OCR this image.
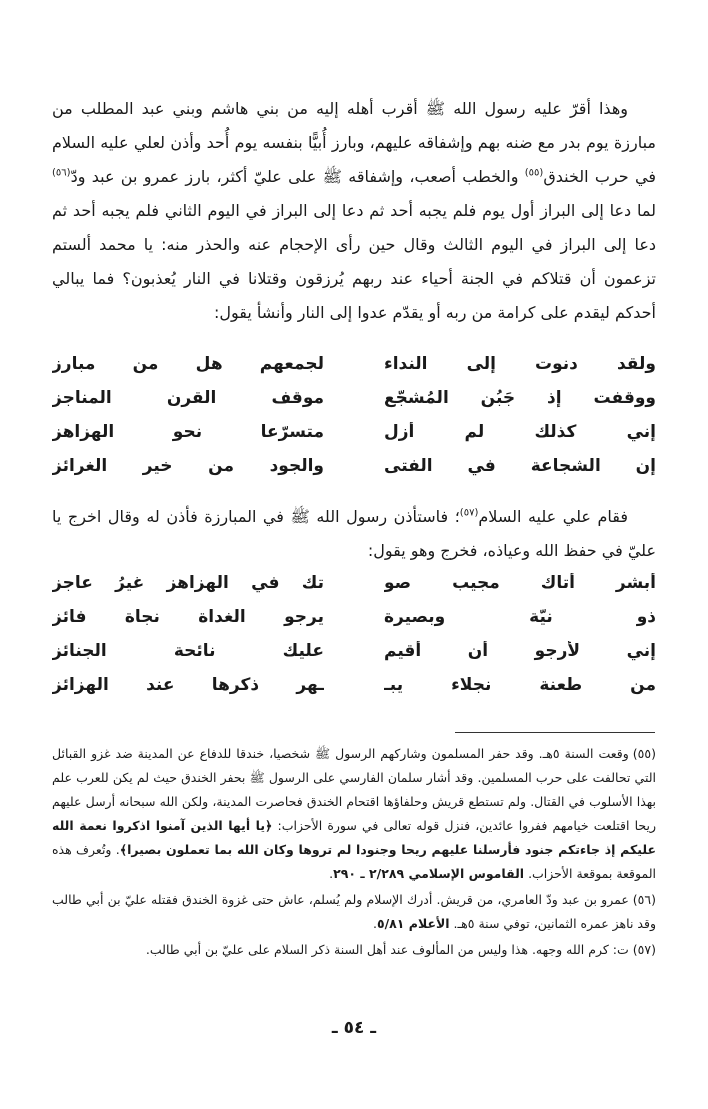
وهذا أقرّ عليه رسول الله ﷺ أقرب أهله إليه من بني هاشم وبني عبد المطلب من مبارزة يوم بدر مع ضنه بهم وإشفاقه عليهم، وبارز أُبيًّا بنفسه يوم أُحد وأذن لعلي عليه السلام في حرب الخندق$^{(٥٥)}$ والخطب أصعب، وإشفاقه ﷺ على عليّ أكثر، بارز عمرو بن عبد ودّ$^{(٥٦)}$ لما دعا إلى البراز أول يوم فلم يجبه أحد ثم دعا إلى البراز في اليوم الثاني فلم يجبه أحد ثم دعا إلى البراز في اليوم الثالث وقال حين رأى الإحجام عنه والحذر منه: يا محمد ألستم تزعمون أن قتلاكم في الجنة أحياء عند ربهم يُرزقون وقتلانا في النار يُعذبون؟ فما يبالي أحدكم ليقدم على كرامة من ربه أو يقدّم عدوا إلى النار وأنشأ يقول:

ولقد دنوت إلى النداء
لجمعهم هل من مبارز
ووقفت إذ جَبُن المُشجّع
موقف القرن المناجز
إني كذلك لم أزل
متسرّعا نحو الهزاهز
إن الشجاعة في الفتى
والجود من خير الغرائز

فقام علي عليه السلام$^{(٥٧)}$؛ فاستأذن رسول الله ﷺ في المبارزة فأذن له وقال اخرج يا عليّ في حفظ الله وعياذه، فخرج وهو يقول:

أبشر أتاك مجيب صو
تك في الهزاهز غيرُ عاجز
ذو نيّة وبصيرة
يرجو الغداة نجاة فائز
إني لأرجو أن أقيم
عليك نائحة الجنائز
من طعنة نجلاء يبـ
ـهر ذكرها عند الهزائز

(٥٥)وقعت السنة ٥هـ. وقد حفر المسلمون وشاركهم الرسول ﷺ شخصيا، خندقا للدفاع عن المدينة ضد غزو القبائل التي تحالفت على حرب المسلمين. وقد أشار سلمان الفارسي على الرسول ﷺ بحفر الخندق حيث لم يكن للعرب علم بهذا الأسلوب في القتال. ولم تستطع قريش وحلفاؤها اقتحام الخندق فحاصرت المدينة، ولكن الله سبحانه أرسل عليهم ريحا اقتلعت خيامهم ففروا عائدين، فنزل قوله تعالى في سورة الأحزاب: ﴿يا أيها الذين آمنوا اذكروا نعمة الله عليكم إذ جاءتكم جنود فأرسلنا عليهم ريحا وجنودا لم تروها وكان الله بما تعملون بصيرا﴾. وتُعرف هذه الموقعة بموقعة الأحزاب. القاموس الإسلامي ٢/٢٨٩ ـ ٢٩٠.

(٥٦)عمرو بن عبد ودّ العامري، من قريش. أدرك الإسلام ولم يُسلم، عاش حتى غزوة الخندق فقتله عليّ بن أبي طالب وقد ناهز عمره الثمانين، توفي سنة ٥هـ. الأعلام ٥/٨١.

(٥٧)ت: كرم الله وجهه. هذا وليس من المألوف عند أهل السنة ذكر السلام على عليّ بن أبي طالب.

ـ ٥٤ ـ
